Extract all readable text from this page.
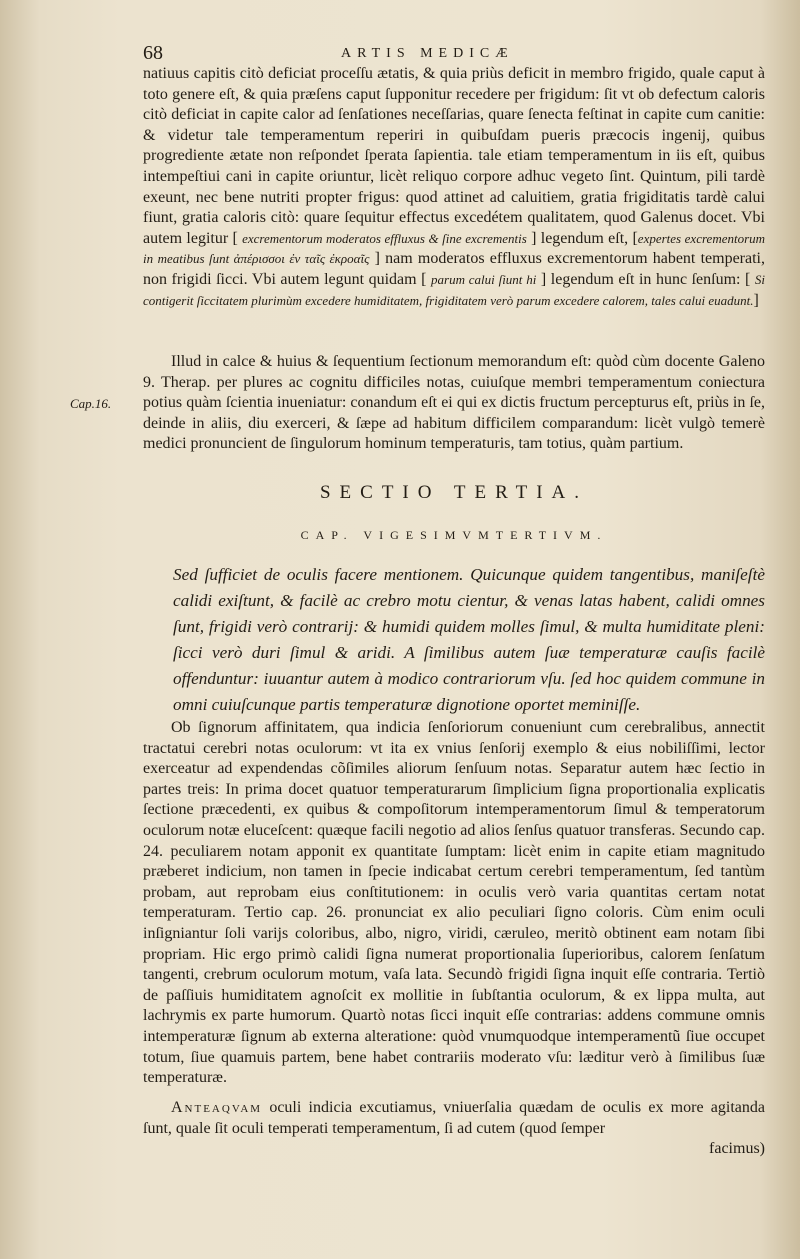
68	ARTIS MEDICÆ
Cap.16.

natiuus capitis citò deficiat proceſſu ætatis, & quia priùs deficit in membro frigido, quale caput à toto genere eſt, & quia præſens caput ſupponitur recedere per frigidum: ſit vt ob defectum caloris citò deficiat in capite calor ad ſenſationes neceſſarias, quare ſenecta feſtinat in capite cum canitie: & videtur tale temperamentum reperiri in quibuſdam pueris præcocis ingenij, quibus progrediente ætate non reſpondet ſperata ſapientia. tale etiam temperamentum in iis eſt, quibus intempeſtiui cani in capite oriuntur, licèt reliquo corpore adhuc vegeto ſint. Quintum, pili tardè exeunt, nec bene nutriti propter frigus: quod attinet ad caluitiem, gratia frigiditatis tardè calui fiunt, gratia caloris citò: quare ſequitur effectus excedétem qualitatem, quod Galenus docet. Vbi autem legitur [ excrementorum moderatos effluxus & ſine excrementis ] legendum eſt, [expertes excrementorum in meatibus ſunt ἀπέρισσοι ἐν ταῖς ἐκροαῖς ] nam moderatos effluxus excrementorum habent temperati, non frigidi ſicci. Vbi autem legunt quidam [ parum calui ſiunt hi ] legendum eſt in hunc ſenſum: [ Si contigerit ſiccitatem plurimùm excedere humiditatem, frigiditatem verò parum excedere calorem, tales calui euadunt.]

Illud in calce & huius & ſequentium ſectionum memorandum eſt: quòd cùm docente Galeno 9. Therap. per plures ac cognitu difficiles notas, cuiuſque membri temperamentum coniectura potius quàm ſcientia inueniatur: conandum eſt ei qui ex dictis fructum percepturus eſt, priùs in ſe, deinde in aliis, diu exerceri, & ſæpe ad habitum difficilem comparandum: licèt vulgò temerè medici pronuncient de ſingulorum hominum temperaturis, tam totius, quàm partium.

SECTIO TERTIA.
CAP. VIGESIMVMTERTIVM.

Sed ſufficiet de oculis facere mentionem. Quicunque quidem tangentibus, maniſeſtè calidi exiſtunt, & facilè ac crebro motu cientur, & venas latas habent, calidi omnes ſunt, frigidi verò contrarij: & humidi quidem molles ſimul, & multa humiditate pleni: ſicci verò duri ſimul & aridi. A ſimilibus autem ſuæ temperaturæ cauſis facilè offenduntur: iuuantur autem à modico contrariorum vſu. ſed hoc quidem commune in omni cuiuſcunque partis temperaturæ dignotione oportet meminiſſe.

Ob ſignorum affinitatem, qua indicia ſenſoriorum conueniunt cum cerebralibus, annectit tractatui cerebri notas oculorum: vt ita ex vnius ſenſorij exemplo & eius nobiliſſimi, lector exerceatur ad expendendas cõſimiles aliorum ſenſuum notas. Separatur autem hæc ſectio in partes treis: In prima docet quatuor temperaturarum ſimplicium ſigna proportionalia explicatis ſectione præcedenti, ex quibus & compoſitorum intemperamentorum ſimul & temperatorum oculorum notæ eluceſcent: quæque facili negotio ad alios ſenſus quatuor transferas. Secundo cap. 24. peculiarem notam apponit ex quantitate ſumptam: licèt enim in capite etiam magnitudo præberet indicium, non tamen in ſpecie indicabat certum cerebri temperamentum, ſed tantùm probam, aut reprobam eius conſtitutionem: in oculis verò varia quantitas certam notat temperaturam. Tertio cap. 26. pronunciat ex alio peculiari ſigno coloris. Cùm enim oculi inſigniantur ſoli varijs coloribus, albo, nigro, viridi, cæruleo, meritò obtinent eam notam ſibi propriam. Hic ergo primò calidi ſigna numerat proportionalia ſuperioribus, calorem ſenſatum tangenti, crebrum oculorum motum, vaſa lata. Secundò frigidi ſigna inquit eſſe contraria. Tertiò de paſſiuis humiditatem agnoſcit ex mollitie in ſubſtantia oculorum, & ex lippa multa, aut lachrymis ex parte humorum. Quartò notas ſicci inquit eſſe contrarias: addens commune omnis intemperaturæ ſignum ab externa alteratione: quòd vnumquodque intemperamentũ ſiue occupet totum, ſiue quamuis partem, bene habet contrariis moderato vſu: læditur verò à ſimilibus ſuæ temperaturæ.

Anteaqvam oculi indicia excutiamus, vniuerſalia quædam de oculis ex more agitanda ſunt, quale ſit oculi temperati temperamentum, ſi ad cutem (quod ſemper

facimus)
